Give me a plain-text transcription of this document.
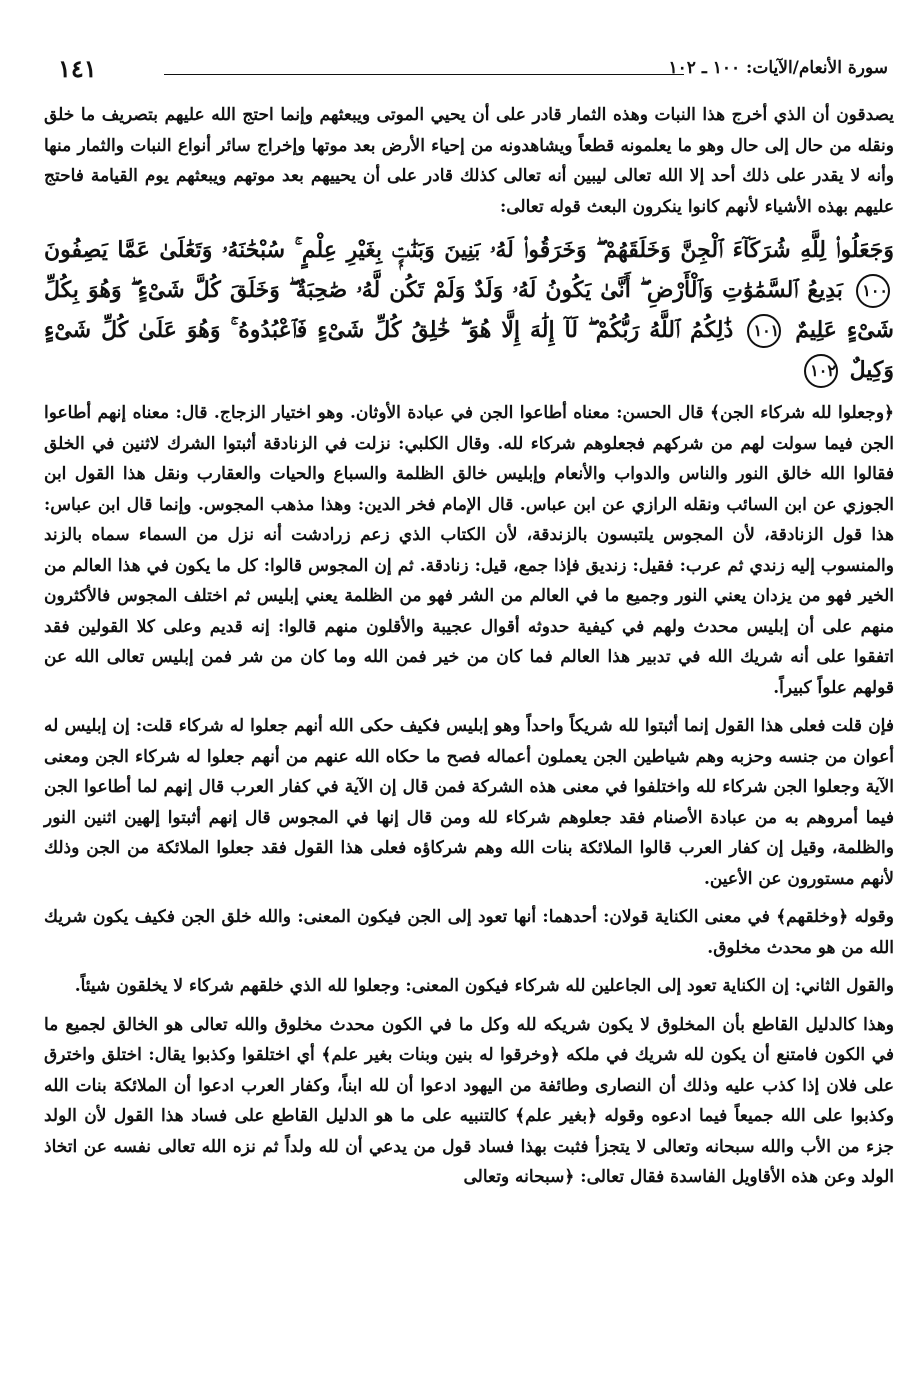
١٤١	سورة الأنعام/الآيات: ١٠٠ ـ ١٠٢

يصدقون أن الذي أخرج هذا النبات وهذه الثمار قادر على أن يحيي الموتى ويبعثهم وإنما احتج الله عليهم بتصريف ما خلق ونقله من حال إلى حال وهو ما يعلمونه قطعاً ويشاهدونه من إحياء الأرض بعد موتها وإخراج سائر أنواع النبات والثمار منها وأنه لا يقدر على ذلك أحد إلا الله تعالى ليبين أنه تعالى كذلك قادر على أن يحييهم بعد موتهم ويبعثهم يوم القيامة فاحتج عليهم بهذه الأشياء لأنهم كانوا ينكرون البعث قوله تعالى:

وَجَعَلُوا۟ لِلَّهِ شُرَكَآءَ ٱلْجِنَّ وَخَلَقَهُمْ ۖ وَخَرَقُوا۟ لَهُۥ بَنِينَ وَبَنَٰتٍۭ بِغَيْرِ عِلْمٍ ۚ سُبْحَٰنَهُۥ وَتَعَٰلَىٰ عَمَّا يَصِفُونَ ١٠٠ بَدِيعُ ٱلسَّمَٰوَٰتِ وَٱلْأَرْضِ ۖ أَنَّىٰ يَكُونُ لَهُۥ وَلَدٌ وَلَمْ تَكُن لَّهُۥ صَٰحِبَةٌ ۖ وَخَلَقَ كُلَّ شَىْءٍ ۖ وَهُوَ بِكُلِّ شَىْءٍ عَلِيمٌ ١٠١ ذَٰلِكُمُ ٱللَّهُ رَبُّكُمْ ۖ لَآ إِلَٰهَ إِلَّا هُوَ ۖ خَٰلِقُ كُلِّ شَىْءٍ فَٱعْبُدُوهُ ۚ وَهُوَ عَلَىٰ كُلِّ شَىْءٍ وَكِيلٌ ١٠٢

﴿وجعلوا لله شركاء الجن﴾ قال الحسن: معناه أطاعوا الجن في عبادة الأوثان. وهو اختيار الزجاج. قال: معناه إنهم أطاعوا الجن فيما سولت لهم من شركهم فجعلوهم شركاء لله. وقال الكلبي: نزلت في الزنادقة أثبتوا الشرك لاثنين في الخلق فقالوا الله خالق النور والناس والدواب والأنعام وإبليس خالق الظلمة والسباع والحيات والعقارب ونقل هذا القول ابن الجوزي عن ابن السائب ونقله الرازي عن ابن عباس. قال الإمام فخر الدين: وهذا مذهب المجوس. وإنما قال ابن عباس: هذا قول الزنادقة، لأن المجوس يلتبسون بالزندقة، لأن الكتاب الذي زعم زرادشت أنه نزل من السماء سماه بالزند والمنسوب إليه زندي ثم عرب: فقيل: زنديق فإذا جمع، قيل: زنادقة. ثم إن المجوس قالوا: كل ما يكون في هذا العالم من الخير فهو من يزدان يعني النور وجميع ما في العالم من الشر فهو من الظلمة يعني إبليس ثم اختلف المجوس فالأكثرون منهم على أن إبليس محدث ولهم في كيفية حدوثه أقوال عجيبة والأقلون منهم قالوا: إنه قديم وعلى كلا القولين فقد اتفقوا على أنه شريك الله في تدبير هذا العالم فما كان من خير فمن الله وما كان من شر فمن إبليس تعالى الله عن قولهم علواً كبيراً.

فإن قلت فعلى هذا القول إنما أثبتوا لله شريكاً واحداً وهو إبليس فكيف حكى الله أنهم جعلوا له شركاء قلت: إن إبليس له أعوان من جنسه وحزبه وهم شياطين الجن يعملون أعماله فصح ما حكاه الله عنهم من أنهم جعلوا له شركاء الجن ومعنى الآية وجعلوا الجن شركاء لله واختلفوا في معنى هذه الشركة فمن قال إن الآية في كفار العرب قال إنهم لما أطاعوا الجن فيما أمروهم به من عبادة الأصنام فقد جعلوهم شركاء لله ومن قال إنها في المجوس قال إنهم أثبتوا إلهين اثنين النور والظلمة، وقيل إن كفار العرب قالوا الملائكة بنات الله وهم شركاؤه فعلى هذا القول فقد جعلوا الملائكة من الجن وذلك لأنهم مستورون عن الأعين.

وقوله ﴿وخلقهم﴾ في معنى الكناية قولان: أحدهما: أنها تعود إلى الجن فيكون المعنى: والله خلق الجن فكيف يكون شريك الله من هو محدث مخلوق.

والقول الثاني: إن الكناية تعود إلى الجاعلين لله شركاء فيكون المعنى: وجعلوا لله الذي خلقهم شركاء لا يخلقون شيئاً.

وهذا كالدليل القاطع بأن المخلوق لا يكون شريكه لله وكل ما في الكون محدث مخلوق والله تعالى هو الخالق لجميع ما في الكون فامتنع أن يكون لله شريك في ملكه ﴿وخرقوا له بنين وبنات بغير علم﴾ أي اختلقوا وكذبوا يقال: اختلق واخترق على فلان إذا كذب عليه وذلك أن النصارى وطائفة من اليهود ادعوا أن لله ابناً، وكفار العرب ادعوا أن الملائكة بنات الله وكذبوا على الله جميعاً فيما ادعوه وقوله ﴿بغير علم﴾ كالتنبيه على ما هو الدليل القاطع على فساد هذا القول لأن الولد جزء من الأب والله سبحانه وتعالى لا يتجزأ فثبت بهذا فساد قول من يدعي أن لله ولداً ثم نزه الله تعالى نفسه عن اتخاذ الولد وعن هذه الأقاويل الفاسدة فقال تعالى: ﴿سبحانه وتعالى
